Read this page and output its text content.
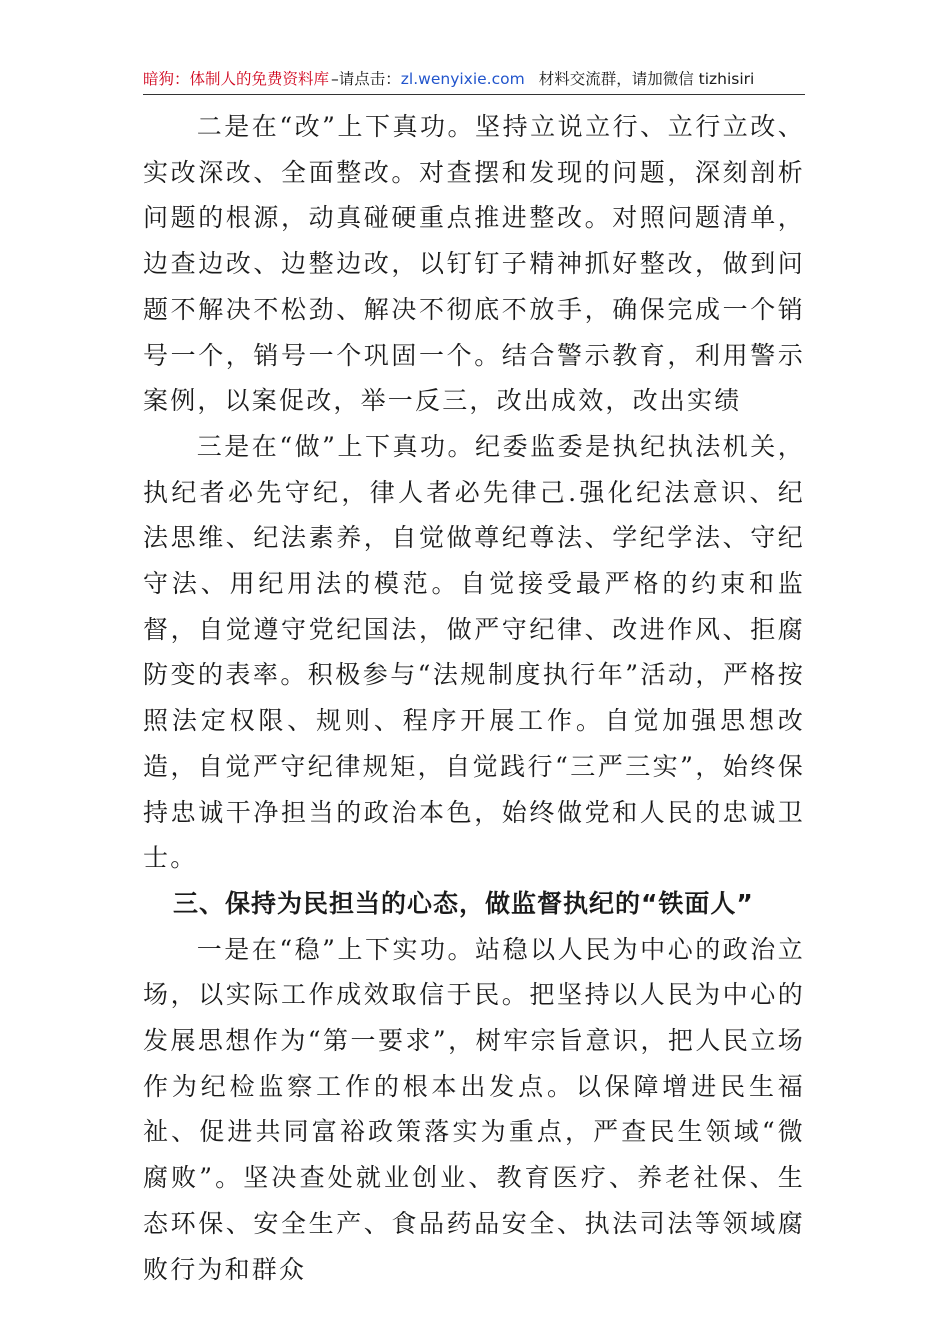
暗狗：体制人的免费资料库 –请点击： zl.wenyixie.com 材料交流群，请加微信 tizhisiri

二是在“改”上下真功。坚持立说立行、立行立改、实改深改、全面整改。对查摆和发现的问题，深刻剖析问题的根源，动真碰硬重点推进整改。对照问题清单，边查边改、边整边改，以钉钉子精神抓好整改，做到问题不解决不松劲、解决不彻底不放手，确保完成一个销号一个，销号一个巩固一个。结合警示教育，利用警示案例，以案促改，举一反三，改出成效，改出实绩

三是在“做”上下真功。纪委监委是执纪执法机关，执纪者必先守纪，律人者必先律己.强化纪法意识、纪法思维、纪法素养，自觉做尊纪尊法、学纪学法、守纪守法、用纪用法的模范。自觉接受最严格的约束和监督，自觉遵守党纪国法，做严守纪律、改进作风、拒腐防变的表率。积极参与“法规制度执行年”活动，严格按照法定权限、规则、程序开展工作。自觉加强思想改造，自觉严守纪律规矩，自觉践行“三严三实”，始终保持忠诚干净担当的政治本色，始终做党和人民的忠诚卫士。

三、保持为民担当的心态，做监督执纪的“铁面人”

一是在“稳”上下实功。站稳以人民为中心的政治立场，以实际工作成效取信于民。把坚持以人民为中心的发展思想作为“第一要求”，树牢宗旨意识，把人民立场作为纪检监察工作的根本出发点。以保障增进民生福祉、促进共同富裕政策落实为重点，严查民生领域“微腐败”。坚决查处就业创业、教育医疗、养老社保、生态环保、安全生产、食品药品安全、执法司法等领域腐败行为和群众
